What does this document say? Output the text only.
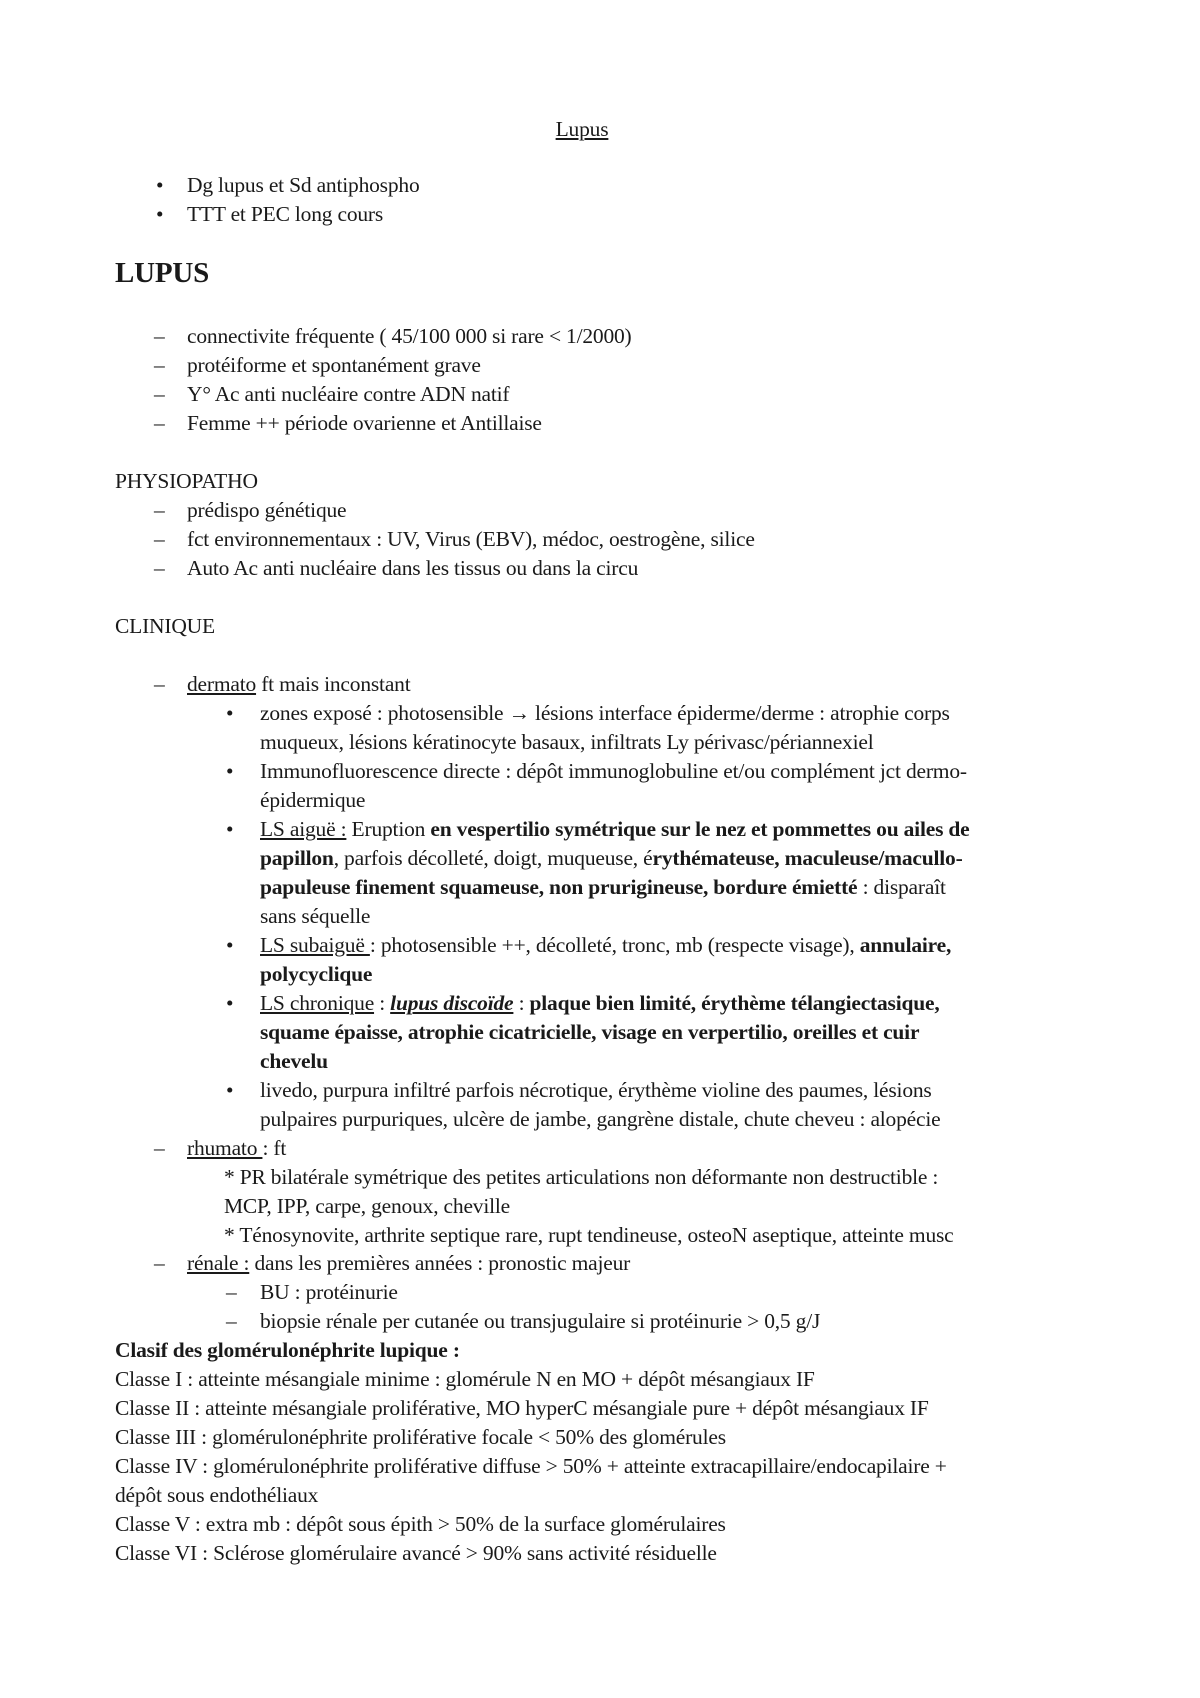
Lupus
• Dg lupus et Sd antiphospho
• TTT et PEC long cours
LUPUS
– connectivite fréquente ( 45/100 000 si rare < 1/2000)
– protéiforme et spontanément grave
– Y° Ac anti nucléaire contre ADN natif
– Femme ++ période ovarienne et Antillaise
PHYSIOPATHO
– prédispo génétique
– fct environnementaux : UV, Virus (EBV), médoc, oestrogène, silice
– Auto Ac anti nucléaire dans les tissus ou dans la circu
CLINIQUE
– dermato ft mais inconstant
• zones exposé : photosensible → lésions interface épiderme/derme : atrophie corps
muqueux, lésions kératinocyte basaux, infiltrats Ly périvasc/périannexiel
• Immunofluorescence directe : dépôt immunoglobuline et/ou complément jct dermo-
épidermique
• LS aiguë : Eruption en vespertilio symétrique sur le nez et pommettes ou ailes de
papillon, parfois décolleté, doigt, muqueuse, érythémateuse, maculeuse/macullo-
papuleuse finement squameuse, non prurigineuse, bordure émietté : disparaît
sans séquelle
• LS subaiguë : photosensible ++, décolleté, tronc, mb (respecte visage), annulaire,
polycyclique
• LS chronique : lupus discoïde : plaque bien limité, érythème télangiectasique,
squame épaisse, atrophie cicatricielle, visage en verpertilio, oreilles et cuir
chevelu
• livedo, purpura infiltré parfois nécrotique, érythème violine des paumes, lésions
pulpaires purpuriques, ulcère de jambe, gangrène distale, chute cheveu : alopécie
– rhumato : ft
* PR bilatérale symétrique des petites articulations non déformante non destructible :
MCP, IPP, carpe, genoux, cheville
* Ténosynovite, arthrite septique rare, rupt tendineuse, osteoN aseptique, atteinte musc
– rénale : dans les premières années : pronostic majeur
– BU : protéinurie
– biopsie rénale per cutanée ou transjugulaire si protéinurie > 0,5 g/J
Clasif des glomérulonéphrite lupique :
Classe I : atteinte mésangiale minime : glomérule N en MO + dépôt mésangiaux IF
Classe II : atteinte mésangiale proliférative, MO hyperC mésangiale pure + dépôt mésangiaux IF
Classe III : glomérulonéphrite proliférative focale < 50% des glomérules
Classe IV : glomérulonéphrite proliférative diffuse > 50% + atteinte extracapillaire/endocapilaire +
dépôt sous endothéliaux
Classe V : extra mb : dépôt sous épith > 50% de la surface glomérulaires
Classe VI : Sclérose glomérulaire avancé > 90% sans activité résiduelle
